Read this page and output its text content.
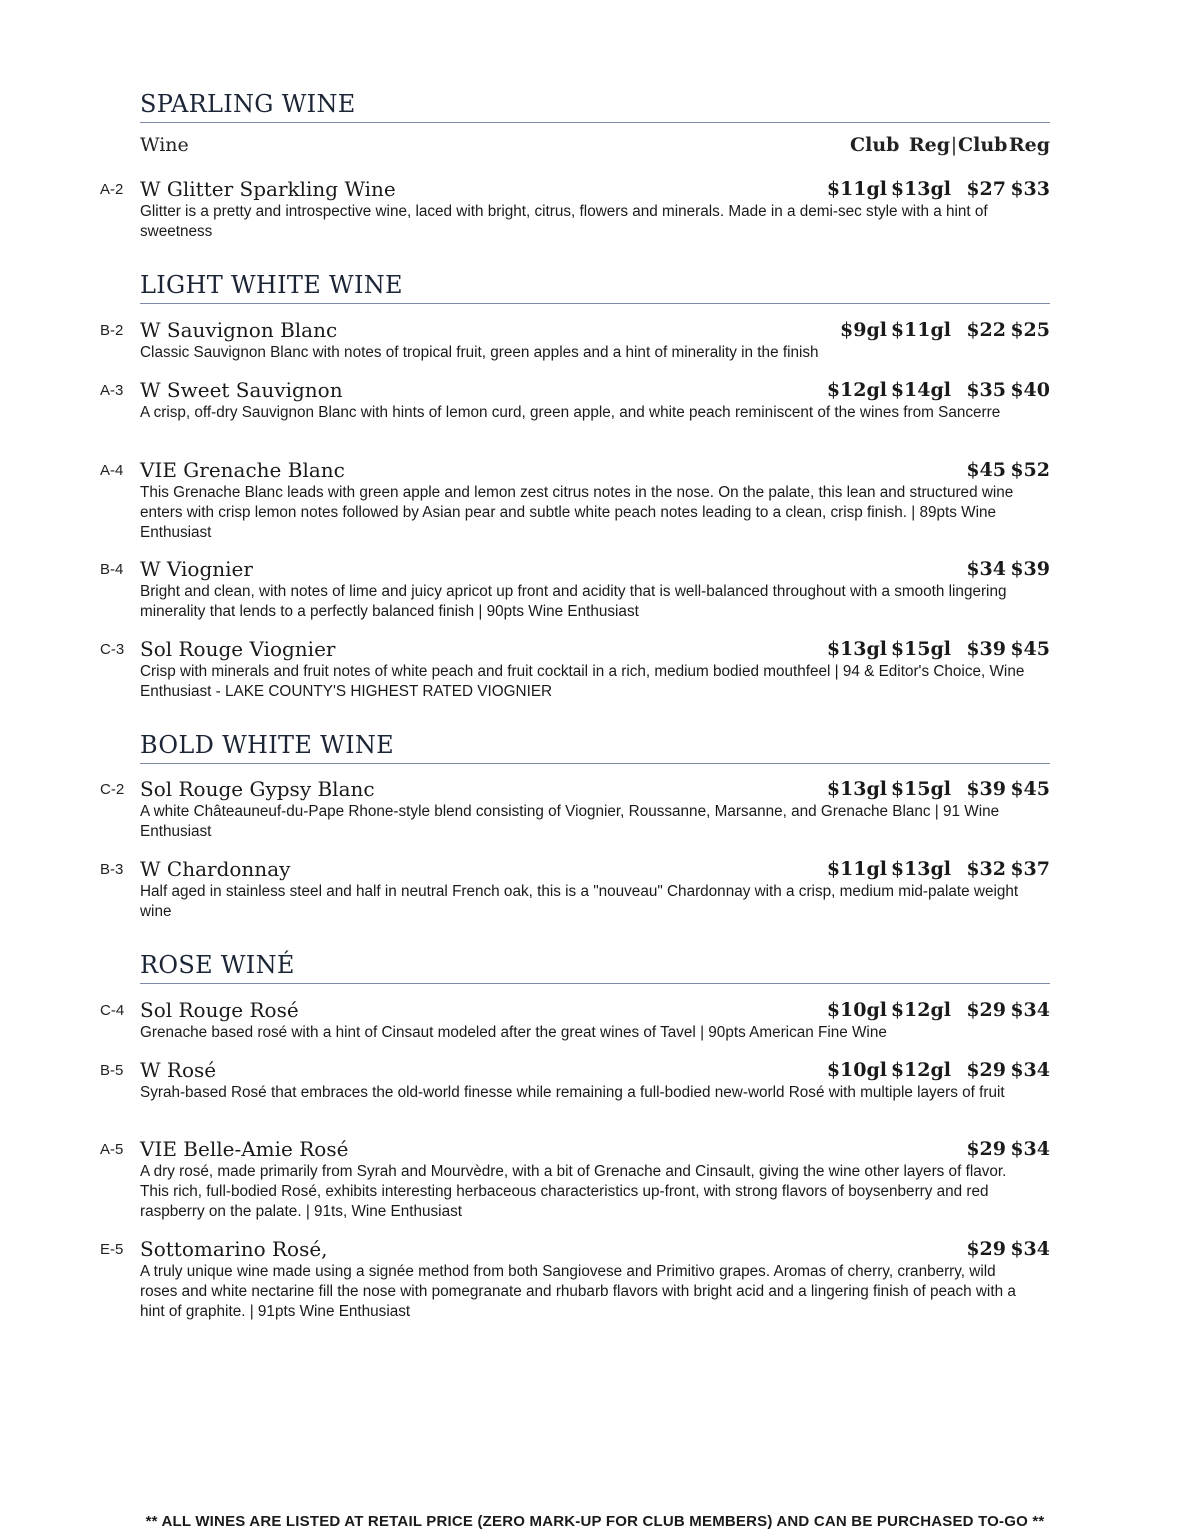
SPARLING WINE
Wine	Club Reg|ClubReg
A-2 W Glitter Sparkling Wine	$11gl $13gl $27 $33
Glitter is a pretty and introspective wine, laced with bright, citrus, flowers and minerals. Made in a demi-sec style with a hint of sweetness
LIGHT WHITE WINE
B-2 W Sauvignon Blanc	$9gl $11gl $22 $25
Classic Sauvignon Blanc with notes of tropical fruit, green apples and a hint of minerality in the finish
A-3 W Sweet Sauvignon	$12gl $14gl $35 $40
A crisp, off-dry Sauvignon Blanc with hints of lemon curd, green apple, and white peach reminiscent of the wines from Sancerre
A-4 VIE Grenache Blanc	$45 $52
This Grenache Blanc leads with green apple and lemon zest citrus notes in the nose. On the palate, this lean and structured wine enters with crisp lemon notes followed by Asian pear and subtle white peach notes leading to a clean, crisp finish. | 89pts Wine Enthusiast
B-4 W Viognier	$34 $39
Bright and clean, with notes of lime and juicy apricot up front and acidity that is well-balanced throughout with a smooth lingering minerality that lends to a perfectly balanced finish | 90pts Wine Enthusiast
C-3 Sol Rouge Viognier	$13gl $15gl $39 $45
Crisp with minerals and fruit notes of white peach and fruit cocktail in a rich, medium bodied mouthfeel | 94 & Editor's Choice, Wine Enthusiast - LAKE COUNTY'S HIGHEST RATED VIOGNIER
BOLD WHITE WINE
C-2 Sol Rouge Gypsy Blanc	$13gl $15gl $39 $45
A white Châteauneuf-du-Pape Rhone-style blend consisting of Viognier, Roussanne, Marsanne, and Grenache Blanc | 91 Wine Enthusiast
B-3 W Chardonnay	$11gl $13gl $32 $37
Half aged in stainless steel and half in neutral French oak, this is a "nouveau" Chardonnay with a crisp, medium mid-palate weight wine
ROSE WINÉ
C-4 Sol Rouge Rosé	$10gl $12gl $29 $34
Grenache based rosé with a hint of Cinsaut modeled after the great wines of Tavel | 90pts American Fine Wine
B-5 W Rosé	$10gl $12gl $29 $34
Syrah-based Rosé that embraces the old-world finesse while remaining a full-bodied new-world Rosé with multiple layers of fruit
A-5 VIE Belle-Amie Rosé	$29 $34
A dry rosé, made primarily from Syrah and Mourvèdre, with a bit of Grenache and Cinsault, giving the wine other layers of flavor. This rich, full-bodied Rosé, exhibits interesting herbaceous characteristics up-front, with strong flavors of boysenberry and red raspberry on the palate. | 91ts, Wine Enthusiast
E-5 Sottomarino Rosé,	$29 $34
A truly unique wine made using a signée method from both Sangiovese and Primitivo grapes. Aromas of cherry, cranberry, wild roses and white nectarine fill the nose with pomegranate and rhubarb flavors with bright acid and a lingering finish of peach with a hint of graphite. | 91pts Wine Enthusiast
** ALL WINES ARE LISTED AT RETAIL PRICE (ZERO MARK-UP FOR CLUB MEMBERS) AND CAN BE PURCHASED TO-GO **
